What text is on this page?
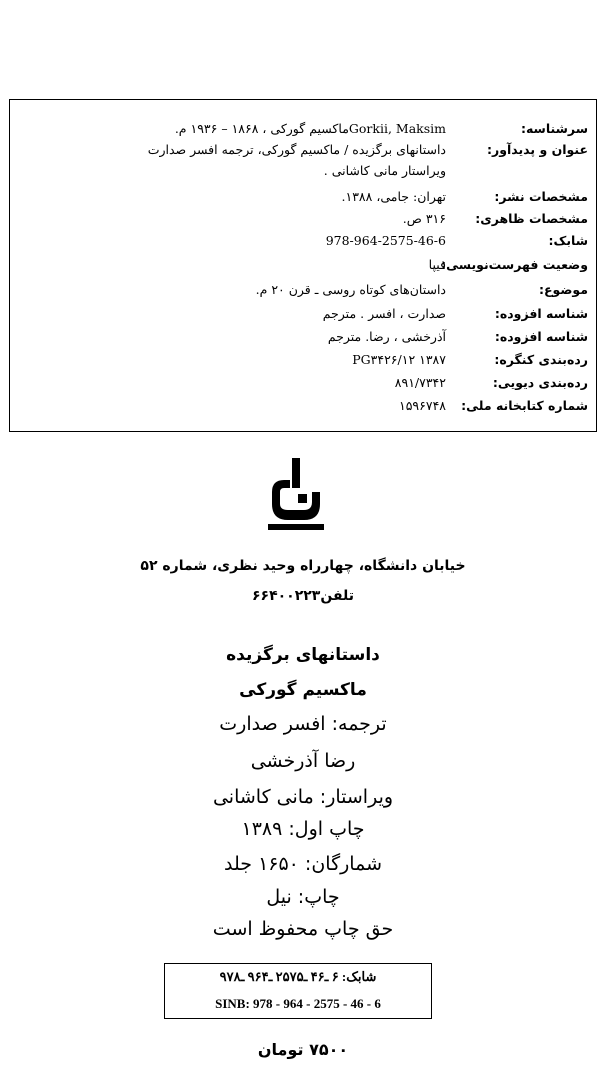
سرشناسه:
Gorkii, Maksimماکسیم گورکی ، ۱۸۶۸ – ۱۹۳۶ م.
عنوان و پدیدآور:
داستانهای برگزیده / ماکسیم گورکی، ترجمه افسر صدارت
ویراستار مانی کاشانی .
مشخصات نشر:
تهران: جامی، ۱۳۸۸.
مشخصات ظاهری:
۳۱۶ ص.
شابک:
978-964-2575-46-6
وضعیت فهرست‌نویسی:
فیپا
موضوع:
داستان‌های کوتاه روسی ـ قرن ۲۰ م.
شناسه افزوده:
صدارت ، افسر . مترجم
شناسه افزوده:
آذرخشی ، رضا. مترجم
رده‌بندی کنگره:
PG۳۴۲۶/۱۲ ۱۳۸۷
رده‌بندی دیویی:
۸۹۱/۷۳۴۲
شماره کتابخانه ملی:
۱۵۹۶۷۴۸
خیابان دانشگاه، چهارراه وحید نظری، شماره ۵۲
تلفن۶۶۴۰۰۲۲۳
داستانهای برگزیده
ماکسیم گورکی
ترجمه: افسر صدارت
رضا آذرخشی
ویراستار: مانی کاشانی
چاپ اول: ۱۳۸۹
شمارگان: ۱۶۵۰ جلد
چاپ: نیل
حق چاپ محفوظ است
شابک: ۶ ـ۴۶ ـ۲۵۷۵ ـ۹۶۴ ـ۹۷۸
SINB: 978 - 964 - 2575 - 46 - 6
۷۵۰۰ تومان
